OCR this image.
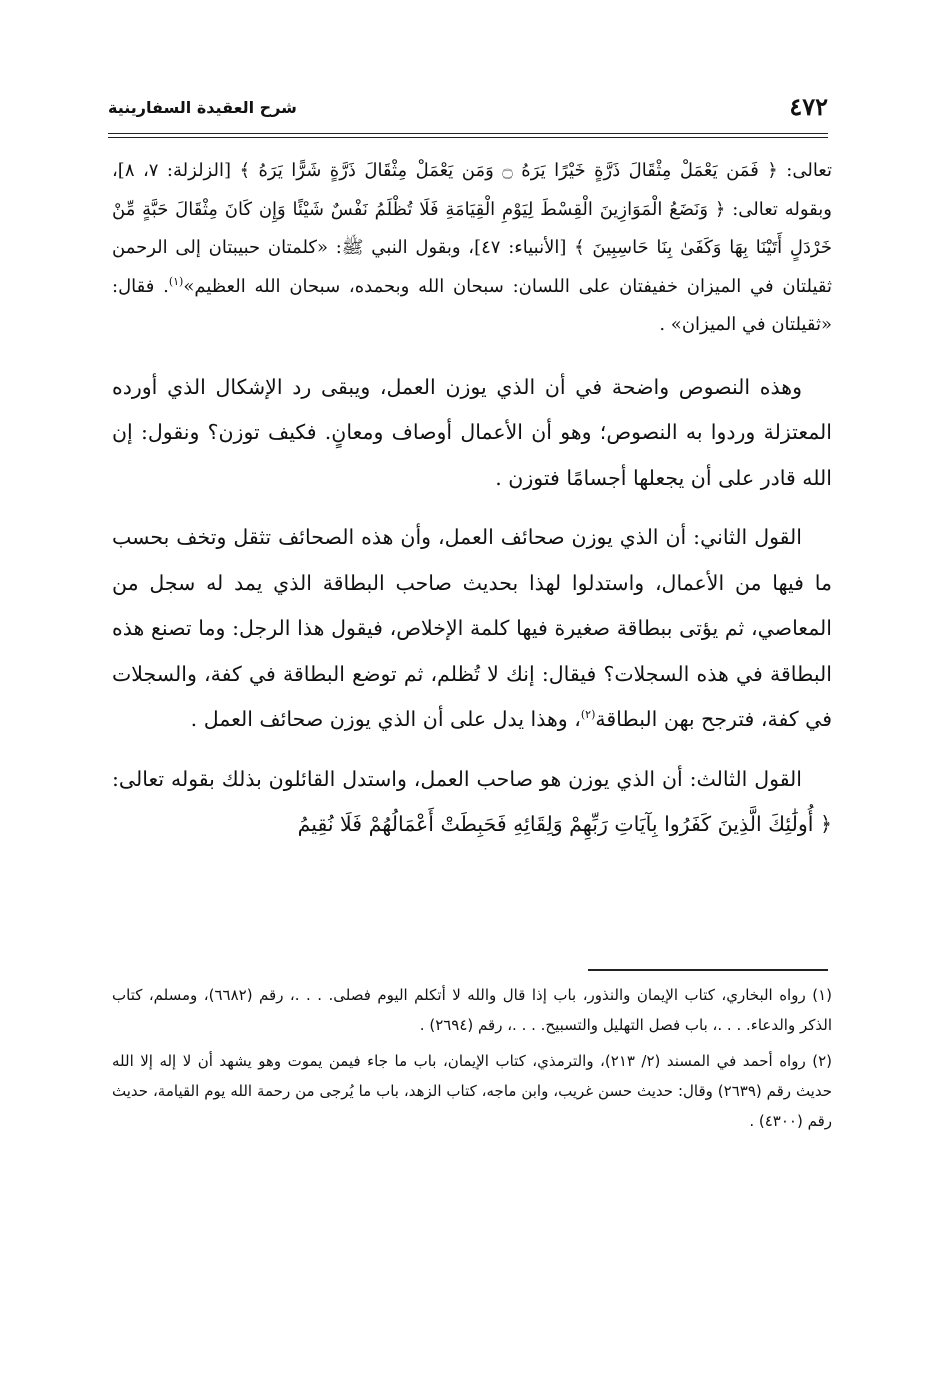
٤٧٢
شرح العقيدة السفارينية

تعالى: ﴿ فَمَن يَعْمَلْ مِثْقَالَ ذَرَّةٍ خَيْرًا يَرَهُ ۝ وَمَن يَعْمَلْ مِثْقَالَ ذَرَّةٍ شَرًّا يَرَهُ ﴾ [الزلزلة: ٧، ٨]، وبقوله تعالى: ﴿ وَنَضَعُ الْمَوَازِينَ الْقِسْطَ لِيَوْمِ الْقِيَامَةِ فَلَا تُظْلَمُ نَفْسٌ شَيْئًا وَإِن كَانَ مِثْقَالَ حَبَّةٍ مِّنْ خَرْدَلٍ أَتَيْنَا بِهَا وَكَفَىٰ بِنَا حَاسِبِينَ ﴾ [الأنبياء: ٤٧]، وبقول النبي ﷺ: «كلمتان حبيبتان إلى الرحمن ثقيلتان في الميزان خفيفتان على اللسان: سبحان الله وبحمده، سبحان الله العظيم»$^{(١)}$. فقال: «ثقيلتان في الميزان» .

وهذه النصوص واضحة في أن الذي يوزن العمل، ويبقى رد الإشكال الذي أورده المعتزلة وردوا به النصوص؛ وهو أن الأعمال أوصاف ومعانٍ. فكيف توزن؟ ونقول: إن الله قادر على أن يجعلها أجسامًا فتوزن .

القول الثاني: أن الذي يوزن صحائف العمل، وأن هذه الصحائف تثقل وتخف بحسب ما فيها من الأعمال، واستدلوا لهذا بحديث صاحب البطاقة الذي يمد له سجل من المعاصي، ثم يؤتى ببطاقة صغيرة فيها كلمة الإخلاص، فيقول هذا الرجل: وما تصنع هذه البطاقة في هذه السجلات؟ فيقال: إنك لا تُظلم، ثم توضع البطاقة في كفة، والسجلات في كفة، فترجح بهن البطاقة$^{(٢)}$، وهذا يدل على أن الذي يوزن صحائف العمل .

القول الثالث: أن الذي يوزن هو صاحب العمل، واستدل القائلون بذلك بقوله تعالى: ﴿ أُولَٰئِكَ الَّذِينَ كَفَرُوا بِآيَاتِ رَبِّهِمْ وَلِقَائِهِ فَحَبِطَتْ أَعْمَالُهُمْ فَلَا نُقِيمُ

(١) رواه البخاري، كتاب الإيمان والنذور، باب إذا قال والله لا أتكلم اليوم فصلى. . . .، رقم (٦٦٨٢)، ومسلم، كتاب الذكر والدعاء. . . .، باب فصل التهليل والتسبيح. . . .، رقم (٢٦٩٤) .

(٢) رواه أحمد في المسند (٢/ ٢١٣)، والترمذي، كتاب الإيمان، باب ما جاء فيمن يموت وهو يشهد أن لا إله إلا الله حديث رقم (٢٦٣٩) وقال: حديث حسن غريب، وابن ماجه، كتاب الزهد، باب ما يُرجى من رحمة الله يوم القيامة، حديث رقم (٤٣٠٠) .
